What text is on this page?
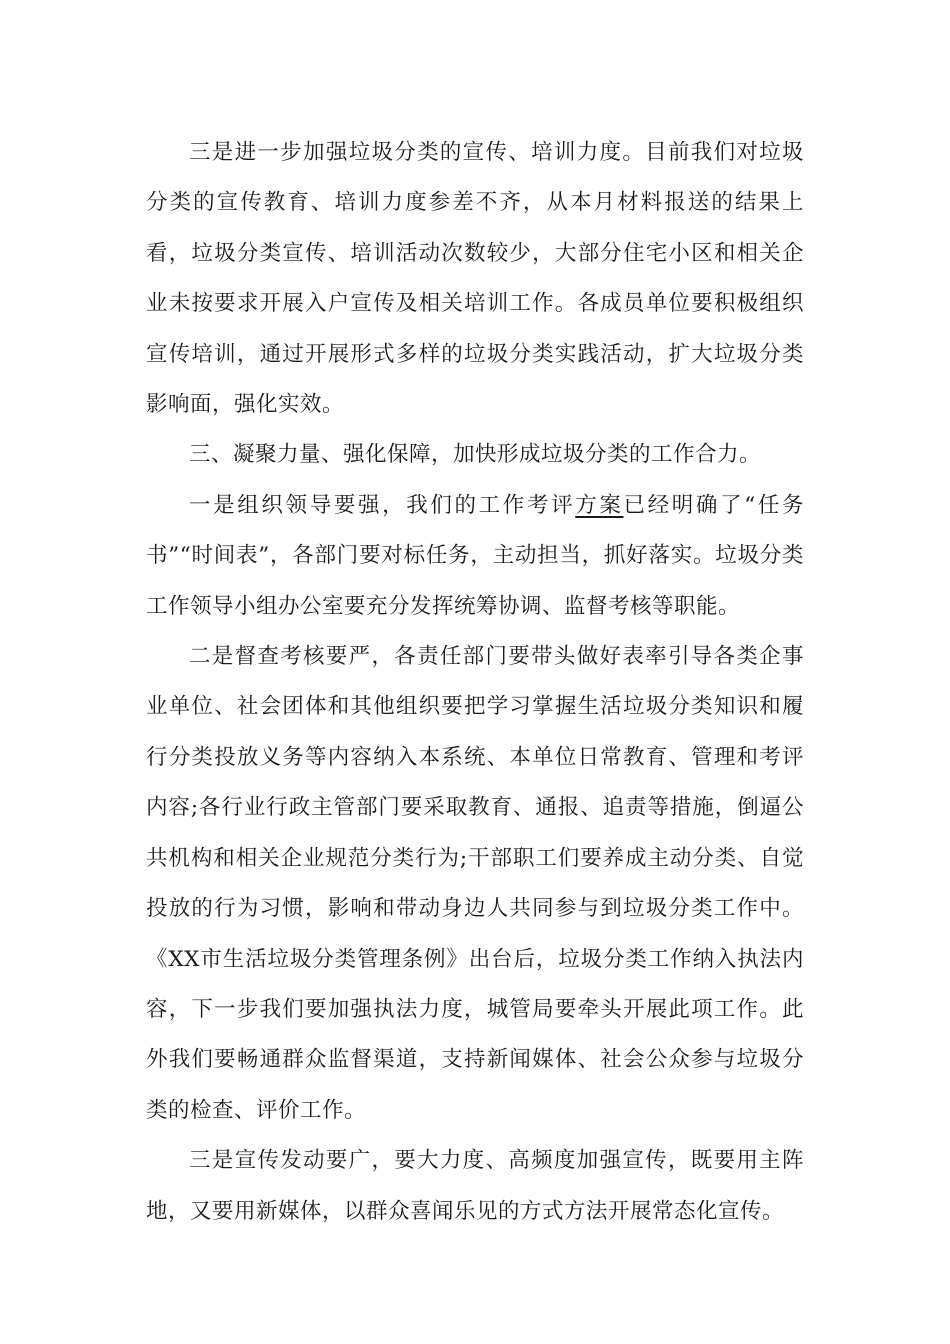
三是进一步加强垃圾分类的宣传、培训力度。目前我们对垃圾分类的宣传教育、培训力度参差不齐，从本月材料报送的结果上看，垃圾分类宣传、培训活动次数较少，大部分住宅小区和相关企业未按要求开展入户宣传及相关培训工作。各成员单位要积极组织宣传培训，通过开展形式多样的垃圾分类实践活动，扩大垃圾分类影响面，强化实效。

三、凝聚力量、强化保障，加快形成垃圾分类的工作合力。

一是组织领导要强，我们的工作考评方案已经明确了“任务书”“时间表”，各部门要对标任务，主动担当，抓好落实。垃圾分类工作领导小组办公室要充分发挥统筹协调、监督考核等职能。

二是督查考核要严，各责任部门要带头做好表率引导各类企事业单位、社会团体和其他组织要把学习掌握生活垃圾分类知识和履行分类投放义务等内容纳入本系统、本单位日常教育、管理和考评内容;各行业行政主管部门要采取教育、通报、追责等措施，倒逼公共机构和相关企业规范分类行为;干部职工们要养成主动分类、自觉投放的行为习惯，影响和带动身边人共同参与到垃圾分类工作中。《XX市生活垃圾分类管理条例》出台后，垃圾分类工作纳入执法内容，下一步我们要加强执法力度，城管局要牵头开展此项工作。此外我们要畅通群众监督渠道，支持新闻媒体、社会公众参与垃圾分类的检查、评价工作。

三是宣传发动要广，要大力度、高频度加强宣传，既要用主阵地，又要用新媒体，以群众喜闻乐见的方式方法开展常态化宣传。
